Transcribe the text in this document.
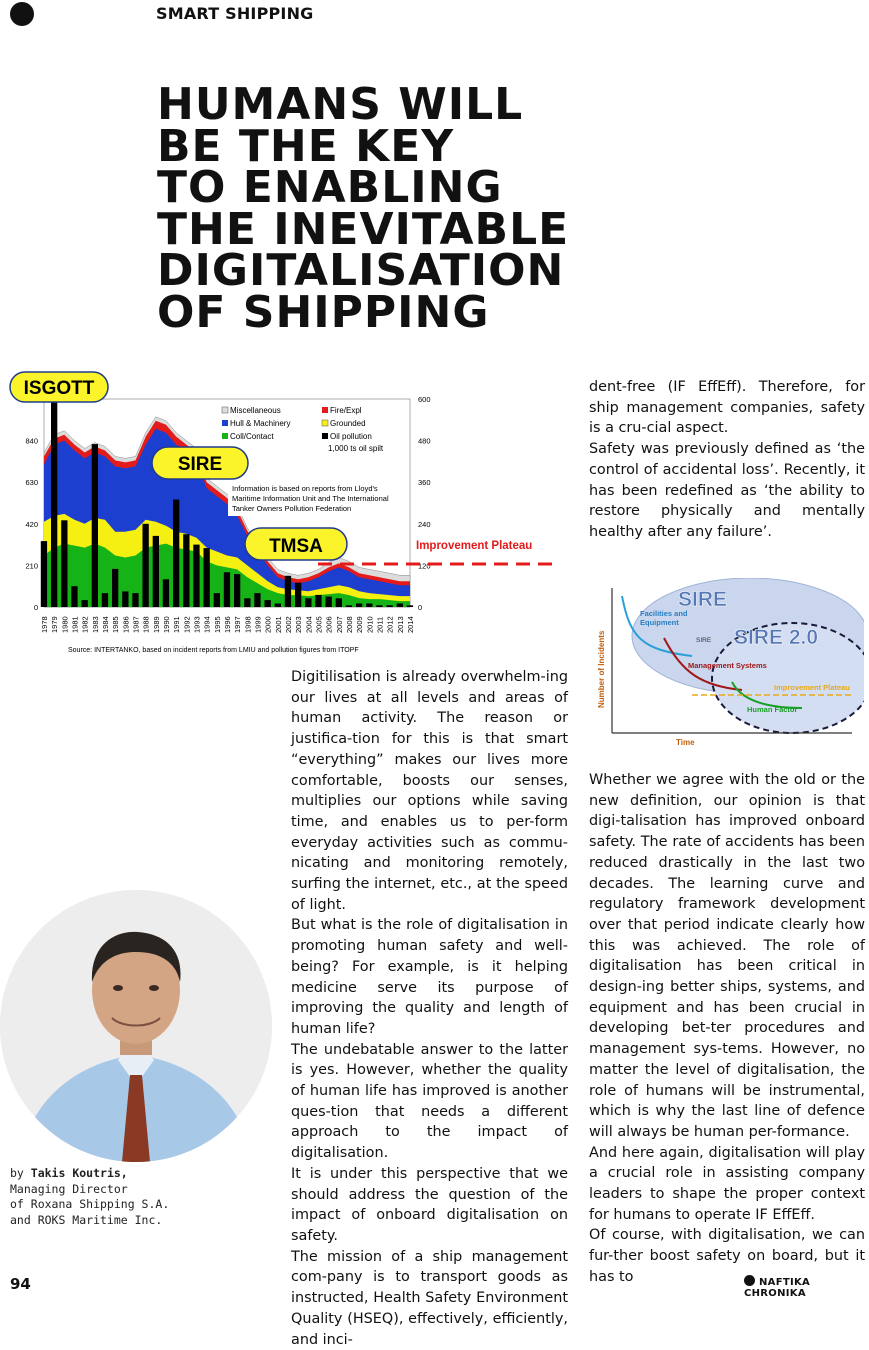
SMART SHIPPING
HUMANS WILL
BE THE KEY
TO ENABLING
THE INEVITABLE
DIGITALISATION
OF SHIPPING
0
210
420
630
840
0
120
240
360
480
600
1978 1979 1980 1981 1982 1983 1984 1985 1986 1987 1988 1989 1990 1991 1992 1993 1994 1995 1996 1997 1998 1999 2000 2001 2002 2003 2004 2005 2006 2007 2008 2009 2010 2011 2012 2013 2014
Miscellaneous	Fire/Expl
Hull & Machinery	Grounded
Coll/Contact	Oil pollution
1,000 ts oil spilt
Information is based on reports from Lloyd's
Maritime Information Unit and The International
Tanker Owners Pollution Federation
ISGOTT
SIRE
TMSA	Improvement Plateau
Source: INTERTANKO, based on incident reports from LMIU and pollution figures from ITOPF
SIRE
SIRE 2.0
SIRE
Facilities and
Equipment
Management Systems
Human Factor
Improvement Plateau
Number of Incidents
Time
by Takis Koutris,
Managing Director
of Roxana Shipping S.A.
and ROKS Maritime Inc.

Digitilisation is already overwhelm-ing our lives at all levels and areas of human activity. The reason or justifica-tion for this is that smart “everything” makes our lives more comfortable, boosts our senses, multiplies our options while saving time, and enables us to per-form everyday activities such as commu-nicating and monitoring remotely, surfing the internet, etc., at the speed of light.

But what is the role of digitalisation in promoting human safety and well-being? For example, is it helping medicine serve its purpose of improving the quality and length of human life?

The undebatable answer to the latter is yes. However, whether the quality of human life has improved is another ques-tion that needs a different approach to the impact of digitalisation.

It is under this perspective that we should address the question of the impact of onboard digitalisation on safety.

The mission of a ship management com-pany is to transport goods as instructed, Health Safety Environment Quality (HSEQ), effectively, efficiently, and inci-

dent-free (IF EffEff). Therefore, for ship management companies, safety is a cru-cial aspect.

Safety was previously defined as ‘the control of accidental loss’. Recently, it has been redefined as ‘the ability to restore physically and mentally healthy after any failure’.

Whether we agree with the old or the new definition, our opinion is that digi-talisation has improved onboard safety. The rate of accidents has been reduced drastically in the last two decades. The learning curve and regulatory framework development over that period indicate clearly how this was achieved. The role of digitalisation has been critical in design-ing better ships, systems, and equipment and has been crucial in developing bet-ter procedures and management sys-tems. However, no matter the level of digitalisation, the role of humans will be instrumental, which is why the last line of defence will always be human per-formance.

And here again, digitalisation will play a crucial role in assisting company leaders to shape the proper context for humans to operate IF EffEff.

Of course, with digitalisation, we can fur-ther boost safety on board, but it has to

94	NAFTIKA CHRONIKA
